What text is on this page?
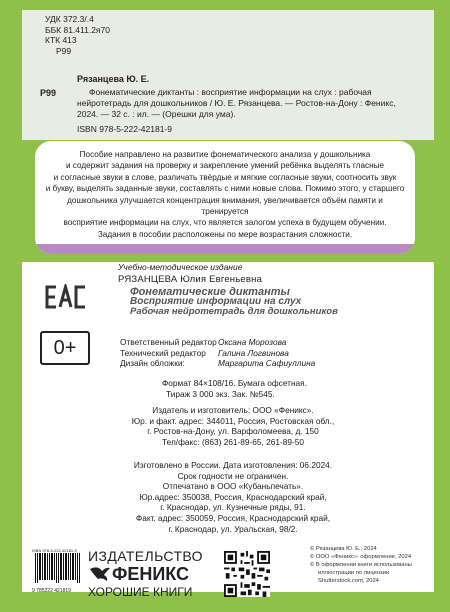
УДК 372.3/.4
ББК 81.411.2я70
КТК 413
Р99
Р99
Рязанцева Ю. Е.
Фонематические диктанты : восприятие информации на слух : рабочая
нейротетрадь для дошкольников / Ю. Е. Рязанцева. — Ростов-на-Дону : Феникс,
2024. — 32 с. : ил. — (Орешки для ума).
ISBN 978-5-222-42181-9
Пособие направлено на развитие фонематического анализа у дошкольника
и содержит задания на проверку и закрепление умений ребёнка выделять гласные
и согласные звуки в слове, различать твёрдые и мягкие согласные звуки, соотносить звук
и букву, выделять заданные звуки, составлять с ними новые слова. Помимо этого, у старшего
дошкольника улучшается концентрация внимания, увеличивается объём памяти и тренируется
восприятие информации на слух, что является залогом успеха в будущем обучении.
Задания в пособии расположены по мере возрастания сложности.
Учебно-методическое издание
РЯЗАНЦЕВА Юлия Евгеньевна
Фонематические диктанты
Восприятие информации на слух
Рабочая нейротетрадь для дошкольников
0+	Ответственный редактор Оксана Морозова
Технический редактор	Галина Логвинова
Дизайн обложки:	Маргарита Сафиуллина
Формат 84×108/16. Бумага офсетная.
Тираж 3 000 экз. Зак. №545.
Издатель и изготовитель: ООО «Феникс».
Юр. и факт. адрес: 344011, Россия, Ростовская обл.,
г. Ростов-на-Дону, ул. Варфоломеева, д. 150
Тел/факс: (863) 261-89-65, 261-89-50
Изготовлено в России. Дата изготовления: 06.2024.
Срок годности не ограничен.
Отпечатано в ООО «Кубаньпечать».
Юр.адрес: 350038, Россия, Краснодарский край,
г. Краснодар, ул. Кузнечные ряды, 91.
Факт. адрес: 350059, Россия, Краснодарский край,
г. Краснодар, ул. Уральская, 98/2.
ISBN 978-5-222-42181-9
9 785222 421819
ИЗДАТЕЛЬСТВО
ФЕНИКС
ХОРОШИЕ КНИГИ
© Рязанцева Ю. Е., 2024
© ООО «Феникс»: оформление, 2024
© В оформлении книги использованы
иллюстрации по лицензии
Shutterstock.com, 2024
